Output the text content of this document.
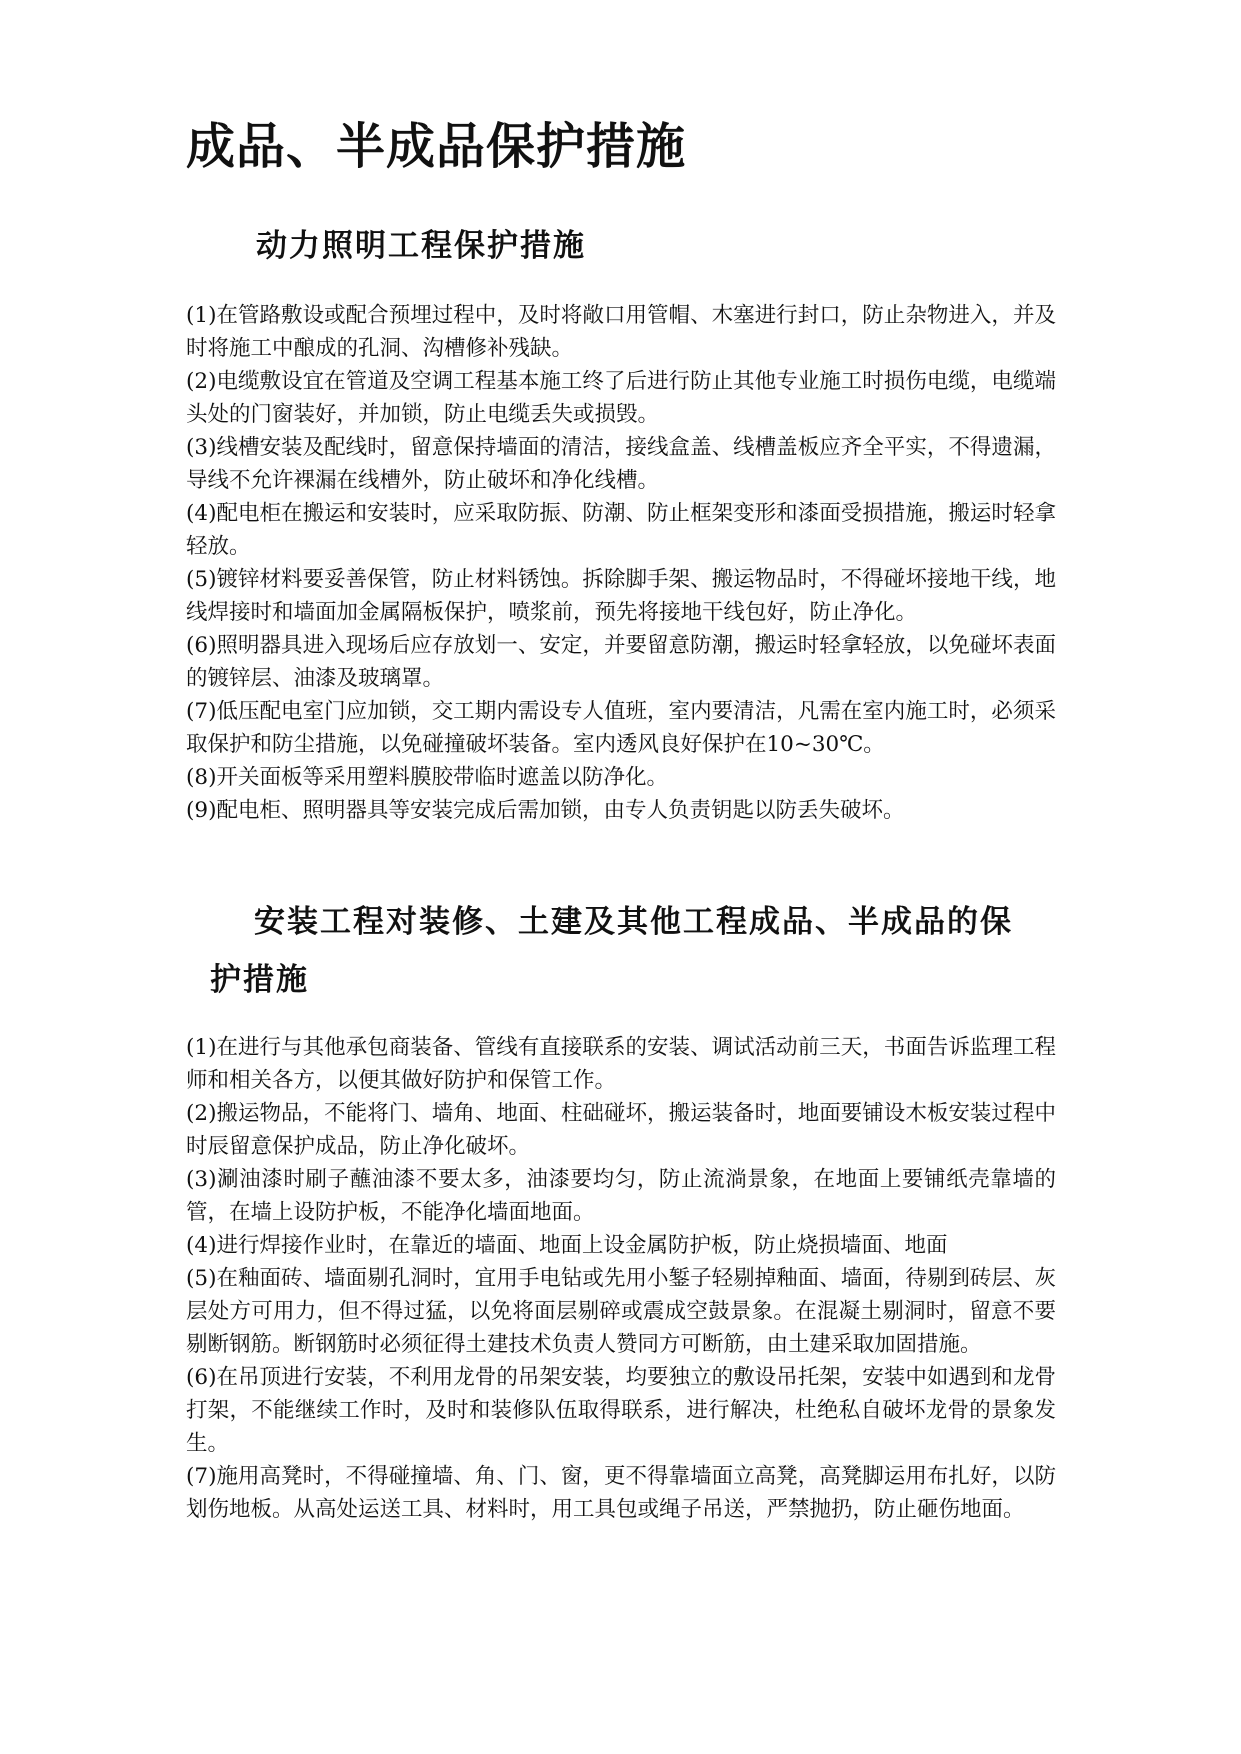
成品、半成品保护措施
动力照明工程保护措施
(1)在管路敷设或配合预埋过程中，及时将敞口用管帽、木塞进行封口，防止杂物进入，并及时将施工中酿成的孔洞、沟槽修补残缺。
(2)电缆敷设宜在管道及空调工程基本施工终了后进行防止其他专业施工时损伤电缆，电缆端头处的门窗装好，并加锁，防止电缆丢失或损毁。
(3)线槽安装及配线时，留意保持墙面的清洁，接线盒盖、线槽盖板应齐全平实，不得遗漏，导线不允许裸漏在线槽外，防止破坏和净化线槽。
(4)配电柜在搬运和安装时，应采取防振、防潮、防止框架变形和漆面受损措施，搬运时轻拿轻放。
(5)镀锌材料要妥善保管，防止材料锈蚀。拆除脚手架、搬运物品时，不得碰坏接地干线，地线焊接时和墙面加金属隔板保护，喷浆前，预先将接地干线包好，防止净化。
(6)照明器具进入现场后应存放划一、安定，并要留意防潮，搬运时轻拿轻放，以免碰坏表面的镀锌层、油漆及玻璃罩。
(7)低压配电室门应加锁，交工期内需设专人值班，室内要清洁，凡需在室内施工时，必须采取保护和防尘措施，以免碰撞破坏装备。室内透风良好保护在10~30℃。
(8)开关面板等采用塑料膜胶带临时遮盖以防净化。
(9)配电柜、照明器具等安装完成后需加锁，由专人负责钥匙以防丢失破坏。
安装工程对装修、土建及其他工程成品、半成品的保
护措施
(1)在进行与其他承包商装备、管线有直接联系的安装、调试活动前三天，书面告诉监理工程师和相关各方，以便其做好防护和保管工作。
(2)搬运物品，不能将门、墙角、地面、柱础碰坏，搬运装备时，地面要铺设木板安装过程中时辰留意保护成品，防止净化破坏。
(3)涮油漆时刷子蘸油漆不要太多，油漆要均匀，防止流淌景象，在地面上要铺纸壳靠墙的管，在墙上设防护板，不能净化墙面地面。
(4)进行焊接作业时，在靠近的墙面、地面上设金属防护板，防止烧损墙面、地面
(5)在釉面砖、墙面剔孔洞时，宜用手电钻或先用小錾子轻剔掉釉面、墙面，待剔到砖层、灰层处方可用力，但不得过猛，以免将面层剔碎或震成空鼓景象。在混凝土剔洞时，留意不要剔断钢筋。断钢筋时必须征得土建技术负责人赞同方可断筋，由土建采取加固措施。
(6)在吊顶进行安装，不利用龙骨的吊架安装，均要独立的敷设吊托架，安装中如遇到和龙骨打架，不能继续工作时，及时和装修队伍取得联系，进行解决，杜绝私自破坏龙骨的景象发生。
(7)施用高凳时，不得碰撞墙、角、门、窗，更不得靠墙面立高凳，高凳脚运用布扎好，以防划伤地板。从高处运送工具、材料时，用工具包或绳子吊送，严禁抛扔，防止砸伤地面。
